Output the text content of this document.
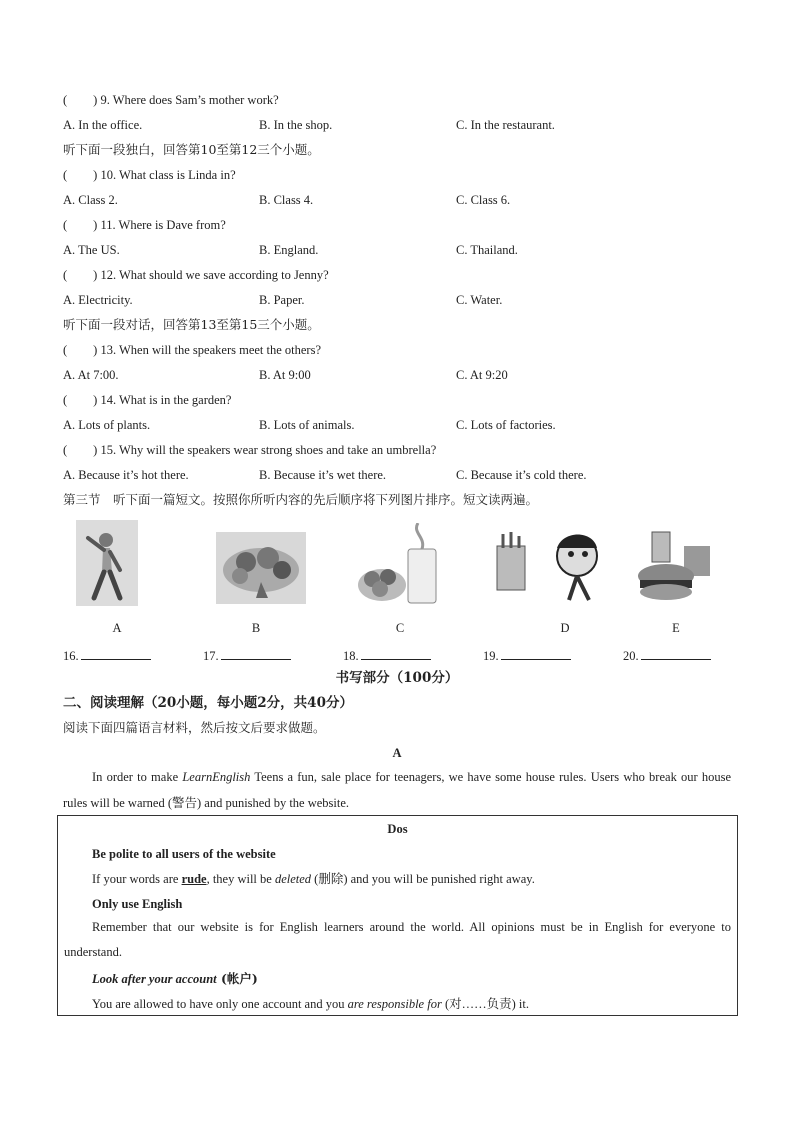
( ) 9. Where does Sam’s mother work?
A. In the office.	B. In the shop.	C. In the restaurant.
听下面一段独白，回答第10至第12三个小题。
( ) 10. What class is Linda in?
A. Class 2.	B. Class 4.	C. Class 6.
( ) 11. Where is Dave from?
A. The US.	B. England.	C. Thailand.
( ) 12. What should we save according to Jenny?
A. Electricity.	B. Paper.	C. Water.
听下面一段对话，回答第13至第15三个小题。
( ) 13. When will the speakers meet the others?
A. At 7:00.	B. At 9:00	C. At 9:20
( ) 14. What is in the garden?
A. Lots of plants.	B. Lots of animals.	C. Lots of factories.
( ) 15. Why will the speakers wear strong shoes and take an umbrella?
A. Because it’s hot there.	B. Because it’s wet there.	C. Because it’s cold there.
第三节　听下面一篇短文。按照你所听内容的先后顺序将下列图片排序。短文读两遍。
A	B	C	D	E
16.	17.	18.	19.	20.
书写部分（100分）
二、阅读理解（20小题，每小题2分，共40分）
阅读下面四篇语言材料，然后按文后要求做题。
A
In order to make LearnEnglish Teens a fun, sale place for teenagers, we have some house rules. Users who break our house rules will be warned (警告) and punished by the website.
Dos
Be polite to all users of the website
If your words are rude, they will be deleted (删除) and you will be punished right away.
Only use English
Remember that our website is for English learners around the world. All opinions must be in English for everyone to understand.
Look after your account (帐户)
You are allowed to have only one account and you are responsible for (对……负责) it.
